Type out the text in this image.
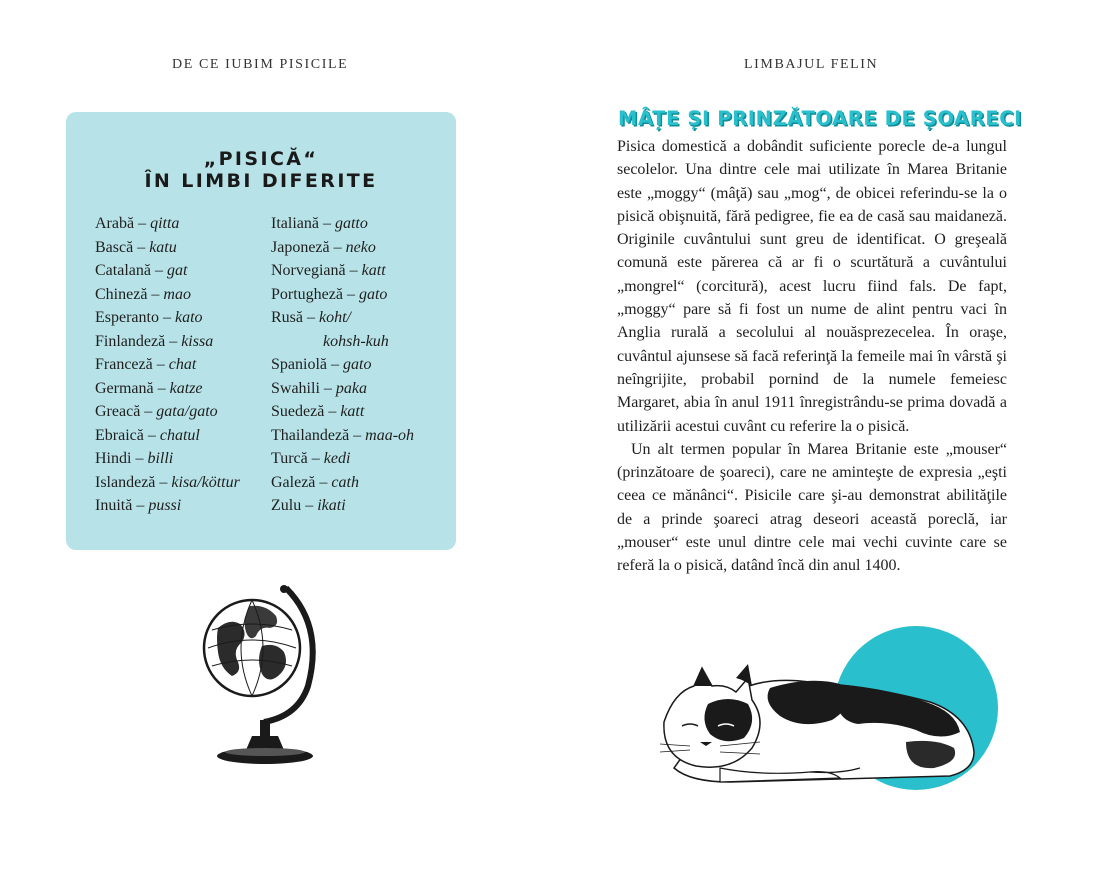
DE CE IUBIM PISICILE	LIMBAJUL FELIN
„PISICĂ“
ÎN LIMBI DIFERITE
Arabă – qitta
Bască – katu
Catalană – gat
Chineză – mao
Esperanto – kato
Finlandeză – kissa
Franceză – chat
Germană – katze
Greacă – gata/gato
Ebraică – chatul
Hindi – billi
Islandeză – kisa/köttur
Inuită – pussi
Italiană – gatto
Japoneză – neko
Norvegiană – katt
Portugheză – gato
Rusă – koht/
kohsh-kuh
Spaniolă – gato
Swahili – paka
Suedeză – katt
Thailandeză – maa-oh
Turcă – kedi
Galeză – cath
Zulu – ikati
MÂȚE ȘI PRINZĂTOARE DE ȘOARECI

Pisica domestică a dobândit suficiente porecle de-a lungul secolelor. Una dintre cele mai utilizate în Marea Britanie este „moggy“ (mâţă) sau „mog“, de obicei referindu-se la o pisică obişnuită, fără pedigree, fie ea de casă sau maidaneză. Originile cuvântului sunt greu de identificat. O greşeală comună este părerea că ar fi o scurtătură a cuvântului „mongrel“ (corcitură), acest lucru fiind fals. De fapt, „moggy“ pare să fi fost un nume de alint pentru vaci în Anglia rurală a secolului al nouăsprezecelea. În oraşe, cuvântul ajunsese să facă referinţă la femeile mai în vârstă şi neîngrijite, probabil pornind de la numele femeiesc Margaret, abia în anul 1911 înregistrându-se prima dovadă a utilizării acestui cuvânt cu referire la o pisică.

Un alt termen popular în Marea Britanie este „mouser“ (prinzătoare de şoareci), care ne aminteşte de expresia „eşti ceea ce mănânci“. Pisicile care şi-au demonstrat abilităţile de a prinde şoareci atrag deseori această poreclă, iar „mouser“ este unul dintre cele mai vechi cuvinte care se referă la o pisică, datând încă din anul 1400.
